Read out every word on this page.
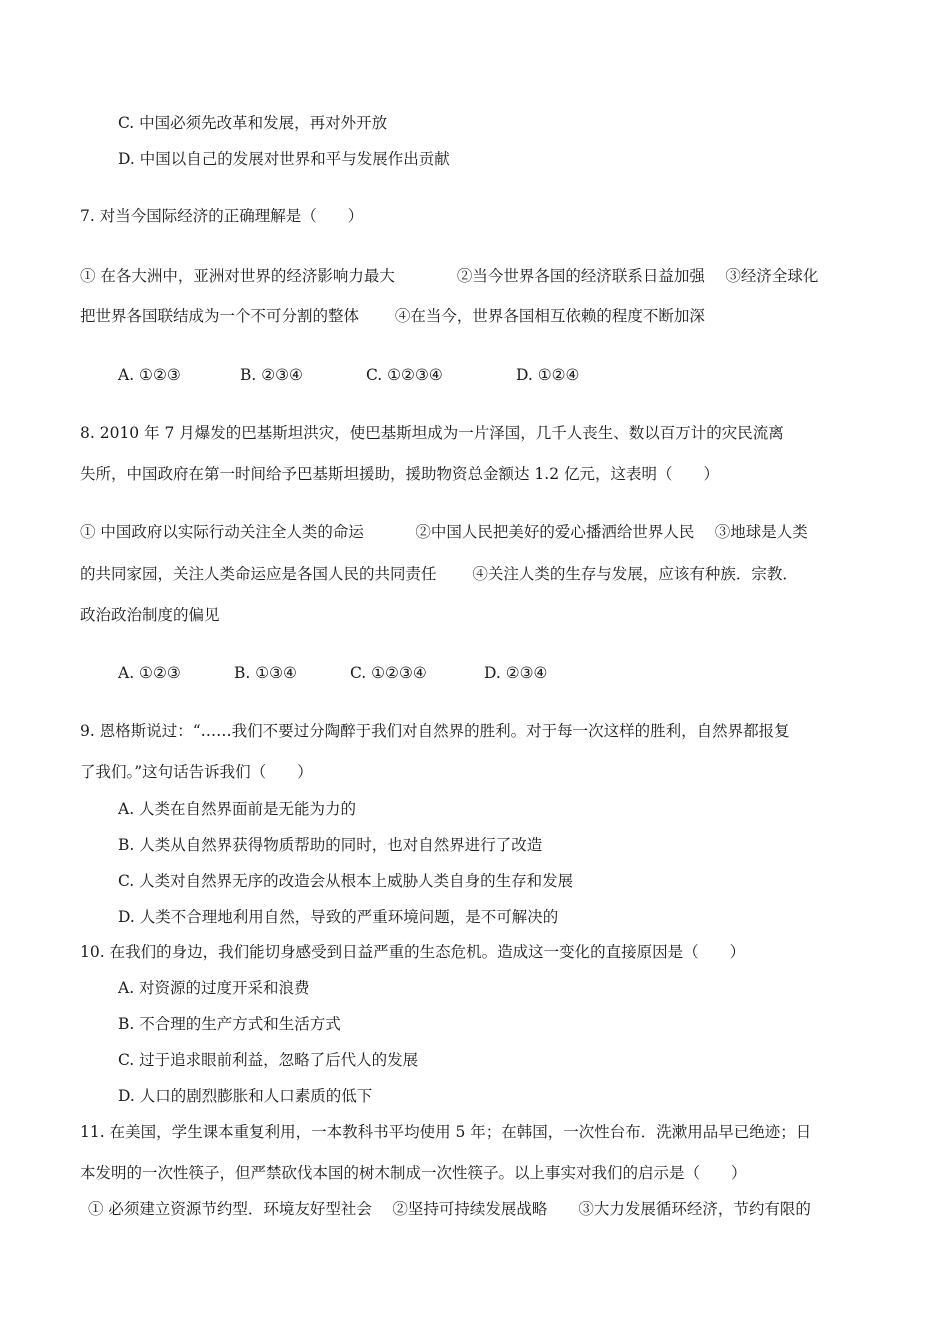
C. 中国必须先改革和发展，再对外开放
D. 中国以自己的发展对世界和平与发展作出贡献
7. 对当今国际经济的正确理解是（　　）
① 在各大洲中，亚洲对世界的经济影响力最大　　　　②当今世界各国的经济联系日益加强　 ③经济全球化
把世界各国联结成为一个不可分割的整体　　 ④在当今，世界各国相互依赖的程度不断加深
A. ①②③	B. ②③④	C. ①②③④	D. ①②④
8. 2010 年 7 月爆发的巴基斯坦洪灾，使巴基斯坦成为一片泽国，几千人丧生、数以百万计的灾民流离
失所，中国政府在第一时间给予巴基斯坦援助，援助物资总金额达 1.2 亿元，这表明（　　）
① 中国政府以实际行动关注全人类的命运　　　 ②中国人民把美好的爱心播洒给世界人民　 ③地球是人类
的共同家园，关注人类命运应是各国人民的共同责任　　 ④关注人类的生存与发展，应该有种族．宗教．
政治政治制度的偏见
A. ①②③	B. ①③④	C. ①②③④	D. ②③④
9. 恩格斯说过：“……我们不要过分陶醉于我们对自然界的胜利。对于每一次这样的胜利，自然界都报复
了我们。”这句话告诉我们（　　）
A. 人类在自然界面前是无能为力的
B. 人类从自然界获得物质帮助的同时，也对自然界进行了改造
C. 人类对自然界无序的改造会从根本上威胁人类自身的生存和发展
D. 人类不合理地利用自然，导致的严重环境问题，是不可解决的
10. 在我们的身边，我们能切身感受到日益严重的生态危机。造成这一变化的直接原因是（　　）
A. 对资源的过度开采和浪费
B. 不合理的生产方式和生活方式
C. 过于追求眼前利益，忽略了后代人的发展
D. 人口的剧烈膨胀和人口素质的低下
11. 在美国，学生课本重复利用，一本教科书平均使用 5 年；在韩国，一次性台布．洗漱用品早已绝迹；日
本发明的一次性筷子，但严禁砍伐本国的树木制成一次性筷子。以上事实对我们的启示是（　　）
① 必须建立资源节约型．环境友好型社会　 ②坚持可持续发展战略　　③大力发展循环经济，节约有限的
